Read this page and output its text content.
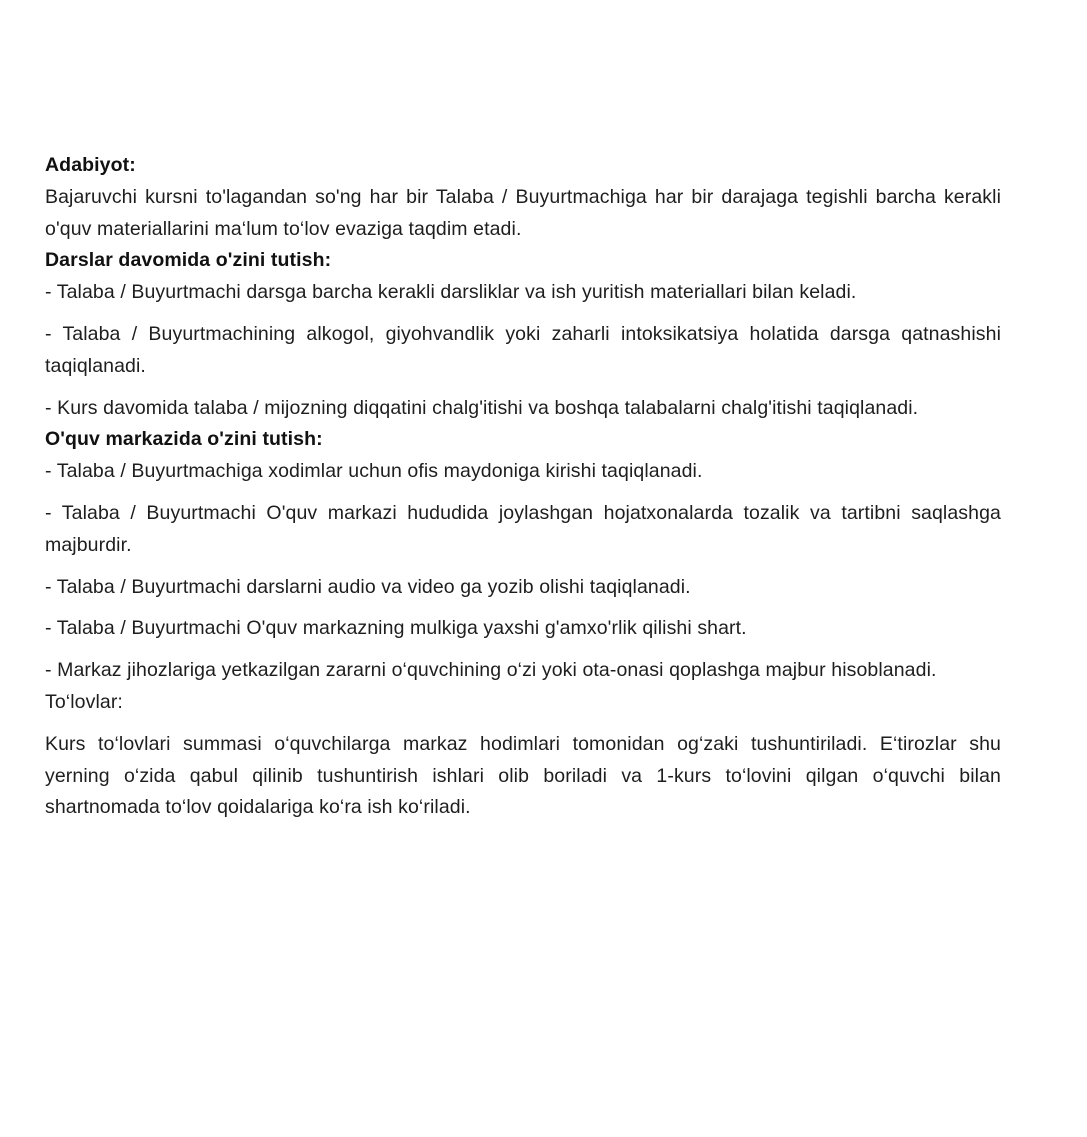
Adabiyot:

Bajaruvchi kursni to'lagandan so'ng har bir Talaba / Buyurtmachiga har bir darajaga tegishli barcha kerakli o'quv materiallarini ma‘lum to‘lov evaziga taqdim etadi.

Darslar davomida o'zini tutish:

- Talaba / Buyurtmachi darsga barcha kerakli darsliklar va ish yuritish materiallari bilan keladi.

- Talaba / Buyurtmachining alkogol, giyohvandlik yoki zaharli intoksikatsiya holatida darsga qatnashishi taqiqlanadi.

- Kurs davomida talaba / mijozning diqqatini chalg'itishi va boshqa talabalarni chalg'itishi taqiqlanadi.

O'quv markazida o'zini tutish:

- Talaba / Buyurtmachiga xodimlar uchun ofis maydoniga kirishi taqiqlanadi.

- Talaba / Buyurtmachi O'quv markazi hududida joylashgan hojatxonalarda tozalik va tartibni saqlashga majburdir.

- Talaba / Buyurtmachi darslarni audio va video ga yozib olishi taqiqlanadi.

- Talaba / Buyurtmachi O'quv markazning mulkiga yaxshi g'amxo'rlik qilishi shart.

- Markaz jihozlariga yetkazilgan zararni o‘quvchining o‘zi yoki ota-onasi qoplashga majbur hisoblanadi.

To‘lovlar:

Kurs to‘lovlari summasi o‘quvchilarga markaz hodimlari tomonidan og‘zaki tushuntiriladi. E‘tirozlar shu yerning o‘zida qabul qilinib tushuntirish ishlari olib boriladi va 1-kurs to‘lovini qilgan o‘quvchi bilan shartnomada to‘lov qoidalariga ko‘ra ish ko‘riladi.
